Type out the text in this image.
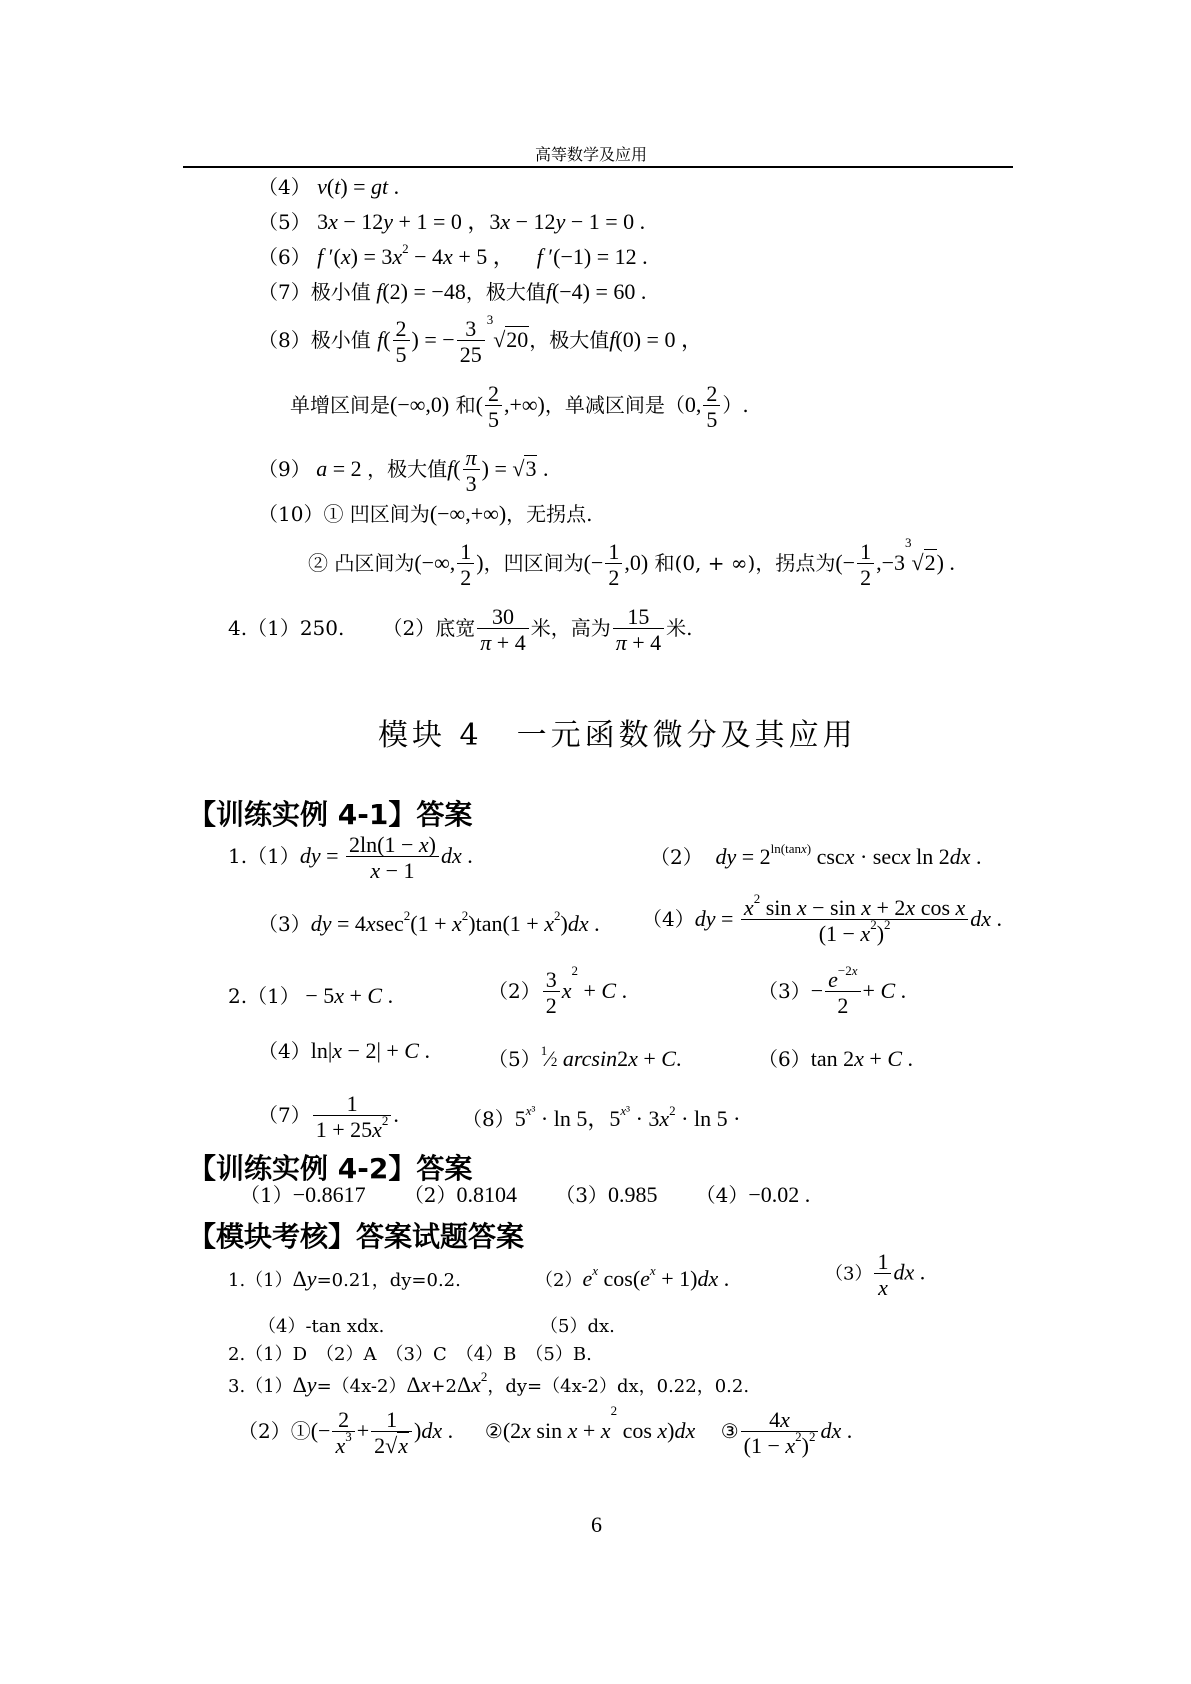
高等数学及应用
（4） v(t) = gt .
（5） 3x − 12y + 1 = 0 ，3x − 12y − 1 = 0 .
（6） f $'(x) = 3x^2 - 4x + 5$ ，    f ′(−1) = 12 .
（7）极小值 f(2) = −48，极大值f(−4) = 60 .
（8）极小值 $f( \frac{2}{5}$ ) = − $\frac{3}{25} ^3√20$，极大值f(0) = 0 ，
单增区间是(−∞,0) 和( $\frac{2}{5}$ ,+∞)，单减区间是（0, $\frac{2}{5}$ ）.
（9） a = 2 ，极大值$f( \frac{\pi}{3}$ ) = √3 .
（10）① 凹区间为(−∞,+∞)，无拐点.
② 凸区间为(−∞, $\frac{1}{2}$ )，凹区间为(− $\frac{1}{2} ,0$) 和(0, + ∞)，拐点为(− $\frac{1}{2} ,-3^3√2$) .
4.（1）250. （2）底宽 $\frac{30}{\pi + 4}$ 米，高为 $\frac{15}{\pi + 4}$ 米.
模块 4　一元函数微分及其应用
【训练实例 4-1】答案
$1.(1)dy = \frac{2\ln(1 - x)}{x - 1}$ dx .	（2） dy = $2^{ln(tanx)}$ cscx · secx ln 2dx .
$(3)dy = 4xsec^2(1 + x^2)\tan(1 + x^2)dx$ . $(4)dy = \frac{x^2 \sin x - \sin x + 2x \cos x}{(1 - x^2)^2}$ dx .
2.（1） − 5x + C .	$(2) \frac{3}{2} x^2 + C$ .	$(3)- \frac{e^{-2x}}{2} + C$ .
（4）ln|x − 2| + C .	$(5)^1⁄2$ arcsin2x + C.	（6）tan 2x + C .
$(7) \frac{1}{1 + 25x^2}$ .	$(8)5^{x^3} \cdot \ln 5$，$5^{x^3} \cdot 3x^2 \cdot \ln 5$ ·
【训练实例 4-2】答案
（1）−0.8617 （2）0.8104 （3）0.985 （4）−0.02 .
【模块考核】答案试题答案
1.（1）Δy=0.21，dy=0.2.	$(2)e^x$ $\cos(e^x + 1)dx$ .	$(3) \frac{1}{x}$ dx .
（4）-tan xdx.	（5）dx.
2.（1）D　（2）A　（3）C　（4）B　（5）B.
$3.(1)\Delta y=(4x-2)\Delta x+2\Delta x^2$，dy=（4x-2）dx，0.22，0.2.
（2）①(− $\frac{2}{x^3} + \frac{1}{2√x} )dx$ . ②(2x $\sin x + x^2$ cos x)dx ③ $\frac{4x}{(1 - x^2)^2}$ dx .
6
